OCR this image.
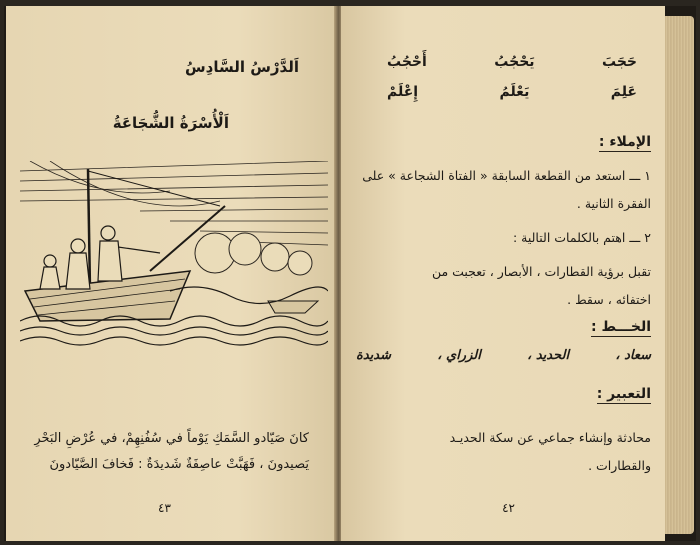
اَلدَّرْسُ السَّادِسُ
اَلْأُسْرَةُ الشُّجَاعَةُ
كانَ صَيّادو السَّمَكِ يَوْماً في سُفُنِهِمْ، في عُرْضِ البَحْرِ
يَصيدونَ ، فَهَبَّتْ عاصِفَةٌ شَديدَةٌ : فَخافَ الصَّيّادونَ
٤٣
حَجَبَ
يَحْجُبُ
أَحْجُبُ
عَلِمَ
يَعْلَمُ
إِعْلَمْ
الإملاء :
١ ـــ استعد من القطعة السابقة « الفتاة الشجاعة » على
الفقرة الثانية .
٢ ـــ اهتم بالكلمات التالية :
تقبل برؤية القطارات ، الأبصار ، تعجبت من
اختفائه ، سقط .
الخـــط :
سعاد ،
الحديد ،
الزراي ،
شديدة
التعبير :
محادثة وإنشاء جماعي عن سكة الحديـد
والقطارات .
٤٢
